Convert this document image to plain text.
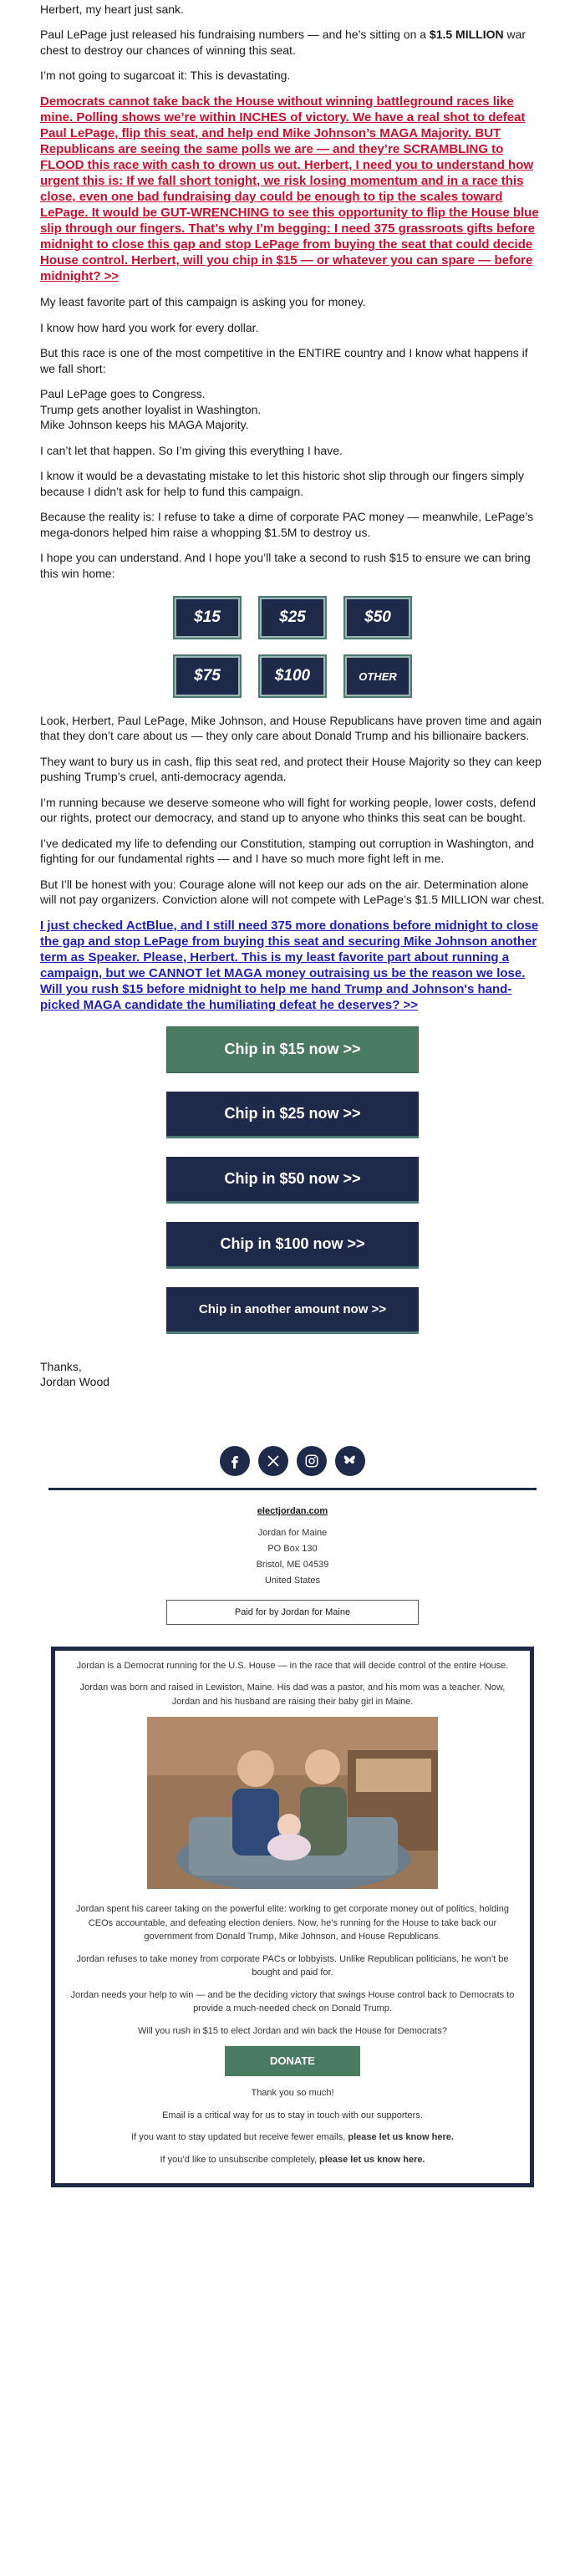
Herbert, my heart just sank.

Paul LePage just released his fundraising numbers — and he’s sitting on a $1.5 MILLION war chest to destroy our chances of winning this seat.

I’m not going to sugarcoat it: This is devastating.

Democrats cannot take back the House without winning battleground races like mine. Polling shows we’re within INCHES of victory. We have a real shot to defeat Paul LePage, flip this seat, and help end Mike Johnson’s MAGA Majority. BUT Republicans are seeing the same polls we are — and they’re SCRAMBLING to FLOOD this race with cash to drown us out. Herbert, I need you to understand how urgent this is: If we fall short tonight, we risk losing momentum and in a race this close, even one bad fundraising day could be enough to tip the scales toward LePage. It would be GUT-WRENCHING to see this opportunity to flip the House blue slip through our fingers. That’s why I’m begging: I need 375 grassroots gifts before midnight to close this gap and stop LePage from buying the seat that could decide House control. Herbert, will you chip in $15 — or whatever you can spare — before midnight? >>

My least favorite part of this campaign is asking you for money.

I know how hard you work for every dollar.

But this race is one of the most competitive in the ENTIRE country and I know what happens if we fall short:

Paul LePage goes to Congress.
Trump gets another loyalist in Washington.
Mike Johnson keeps his MAGA Majority.

I can’t let that happen. So I’m giving this everything I have.

I know it would be a devastating mistake to let this historic shot slip through our fingers simply because I didn’t ask for help to fund this campaign.

Because the reality is: I refuse to take a dime of corporate PAC money — meanwhile, LePage’s mega-donors helped him raise a whopping $1.5M to destroy us.

I hope you can understand. And I hope you’ll take a second to rush $15 to ensure we can bring this win home:

$15	$25	$50
$75	$100	OTHER

Look, Herbert, Paul LePage, Mike Johnson, and House Republicans have proven time and again that they don’t care about us — they only care about Donald Trump and his billionaire backers.

They want to bury us in cash, flip this seat red, and protect their House Majority so they can keep pushing Trump’s cruel, anti-democracy agenda.

I’m running because we deserve someone who will fight for working people, lower costs, defend our rights, protect our democracy, and stand up to anyone who thinks this seat can be bought.

I’ve dedicated my life to defending our Constitution, stamping out corruption in Washington, and fighting for our fundamental rights — and I have so much more fight left in me.

But I’ll be honest with you: Courage alone will not keep our ads on the air. Determination alone will not pay organizers. Conviction alone will not compete with LePage’s $1.5 MILLION war chest.

I just checked ActBlue, and I still need 375 more donations before midnight to close the gap and stop LePage from buying this seat and securing Mike Johnson another term as Speaker. Please, Herbert. This is my least favorite part about running a campaign, but we CANNOT let MAGA money outraising us be the reason we lose. Will you rush $15 before midnight to help me hand Trump and Johnson's hand-picked MAGA candidate the humiliating defeat he deserves? >>
Chip in $15 now >>
Chip in $25 now >>
Chip in $50 now >>
Chip in $100 now >>
Chip in another amount now >>
Thanks,
Jordan Wood
electjordan.com
Jordan for Maine
PO Box 130
Bristol, ME 04539
United States
Paid for by Jordan for Maine

Jordan is a Democrat running for the U.S. House — in the race that will decide control of the entire House.

Jordan was born and raised in Lewiston, Maine. His dad was a pastor, and his mom was a teacher. Now, Jordan and his husband are raising their baby girl in Maine.

Jordan spent his career taking on the powerful elite: working to get corporate money out of politics, holding CEOs accountable, and defeating election deniers. Now, he’s running for the House to take back our government from Donald Trump, Mike Johnson, and House Republicans.

Jordan refuses to take money from corporate PACs or lobbyists. Unlike Republican politicians, he won’t be bought and paid for.

Jordan needs your help to win — and be the deciding victory that swings House control back to Democrats to provide a much-needed check on Donald Trump.

Will you rush in $15 to elect Jordan and win back the House for Democrats?

DONATE

Thank you so much!

Email is a critical way for us to stay in touch with our supporters.

If you want to stay updated but receive fewer emails, please let us know here.

If you’d like to unsubscribe completely, please let us know here.
